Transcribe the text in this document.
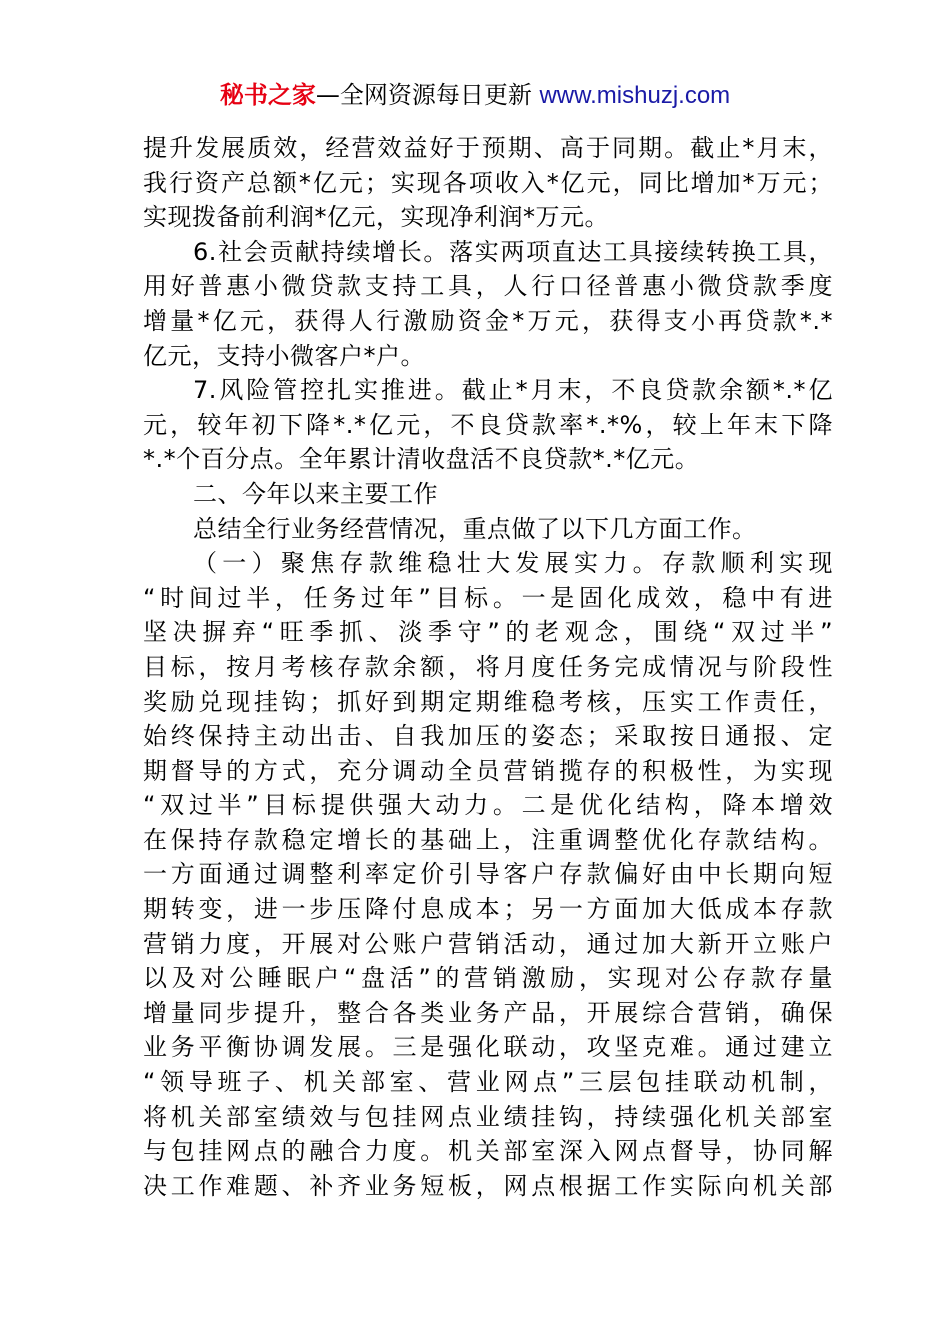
秘书之家—全网资源每日更新 www.mishuzj.com
提升发展质效，经营效益好于预期、高于同期。截止*月末，
我行资产总额*亿元；实现各项收入*亿元，同比增加*万元；
实现拨备前利润*亿元，实现净利润*万元。
6.社会贡献持续增长。落实两项直达工具接续转换工具，
用好普惠小微贷款支持工具，人行口径普惠小微贷款季度
增量*亿元，获得人行激励资金*万元，获得支小再贷款*.*
亿元，支持小微客户*户。
7.风险管控扎实推进。截止*月末，不良贷款余额*.*亿
元，较年初下降*.*亿元，不良贷款率*.*%，较上年末下降
*.*个百分点。全年累计清收盘活不良贷款*.*亿元。
二、今年以来主要工作
总结全行业务经营情况，重点做了以下几方面工作。
（一）聚焦存款维稳壮大发展实力。存款顺利实现
“时间过半，任务过年”目标。一是固化成效，稳中有进
坚决摒弃“旺季抓、淡季守”的老观念，围绕“双过半”
目标，按月考核存款余额，将月度任务完成情况与阶段性
奖励兑现挂钩；抓好到期定期维稳考核，压实工作责任，
始终保持主动出击、自我加压的姿态；采取按日通报、定
期督导的方式，充分调动全员营销揽存的积极性，为实现
“双过半”目标提供强大动力。二是优化结构，降本增效
在保持存款稳定增长的基础上，注重调整优化存款结构。
一方面通过调整利率定价引导客户存款偏好由中长期向短
期转变，进一步压降付息成本；另一方面加大低成本存款
营销力度，开展对公账户营销活动，通过加大新开立账户
以及对公睡眠户“盘活”的营销激励，实现对公存款存量
增量同步提升，整合各类业务产品，开展综合营销，确保
业务平衡协调发展。三是强化联动，攻坚克难。通过建立
“领导班子、机关部室、营业网点”三层包挂联动机制，
将机关部室绩效与包挂网点业绩挂钩，持续强化机关部室
与包挂网点的融合力度。机关部室深入网点督导，协同解
决工作难题、补齐业务短板，网点根据工作实际向机关部
